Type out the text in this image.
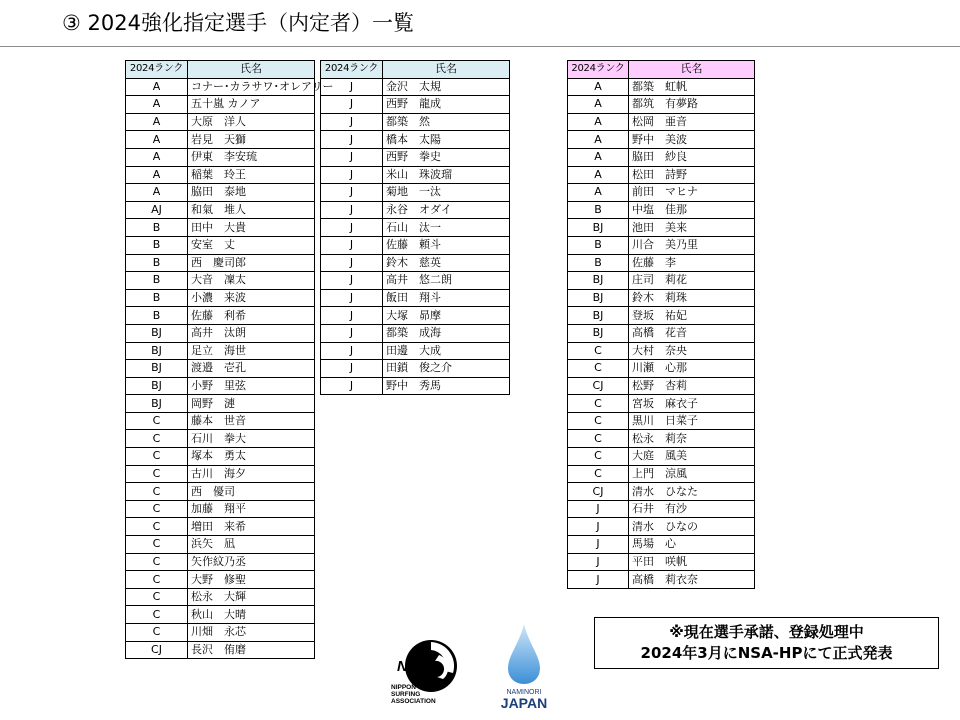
③ 2024強化指定選手（内定者）一覧
2024ランク	氏名
A	コナー･カラサワ･オレアリー
A	五十嵐 カノア
A	大原　洋人
A	岩見　天獅
A	伊東　李安琉
A	稲葉　玲王
A	脇田　泰地
AJ	和氣　堆人
B	田中　大貴
B	安室　丈
B	西　慶司郎
B	大音　凜太
B	小濃　来波
B	佐藤　利希
BJ	高井　汰朗
BJ	足立　海世
BJ	渡邉　壱孔
BJ	小野　里弦
BJ	岡野　漣
C	藤本　世音
C	石川　拳大
C	塚本　勇太
C	古川　海夕
C	西　優司
C	加藤　翔平
C	増田　来希
C	浜矢　凪
C	矢作紋乃丞
C	大野　修聖
C	松永　大輝
C	秋山　大晴
C	川畑　永芯
CJ	長沢　侑磨
2024ランク	氏名
J	金沢　太規
J	西野　龍成
J	都築　然
J	橋本　太陽
J	西野　拳史
J	米山　珠波瑠
J	菊地　一汰
J	永谷　オダイ
J	石山　汰一
J	佐藤　頼斗
J	鈴木　慈英
J	高井　悠二朗
J	飯田　翔斗
J	大塚　昴摩
J	都築　成海
J	田邊　大成
J	田鎖　俊之介
J	野中　秀馬
2024ランク	氏名
A	都築　虹帆
A	都筑　有夢路
A	松岡　亜音
A	野中　美波
A	脇田　紗良
A	松田　詩野
A	前田　マヒナ
B	中塩　佳那
BJ	池田　美来
B	川合　美乃里
B	佐藤　李
BJ	庄司　莉花
BJ	鈴木　莉珠
BJ	登坂　祐妃
BJ	高橋　花音
C	大村　奈央
C	川瀬　心那
CJ	松野　杏莉
C	宮坂　麻衣子
C	黒川　日菜子
C	松永　莉奈
C	大庭　風美
C	上門　涼風
CJ	清水　ひなた
J	石井　有沙
J	清水　ひなの
J	馬場　心
J	平田　咲帆
J	高橋　莉衣奈
※現在選手承諾、登録処理中
2024年3月にNSA-HPにて正式発表
NSA
NIPPON
SURFING
ASSOCIATION
NAMINORI
JAPAN
